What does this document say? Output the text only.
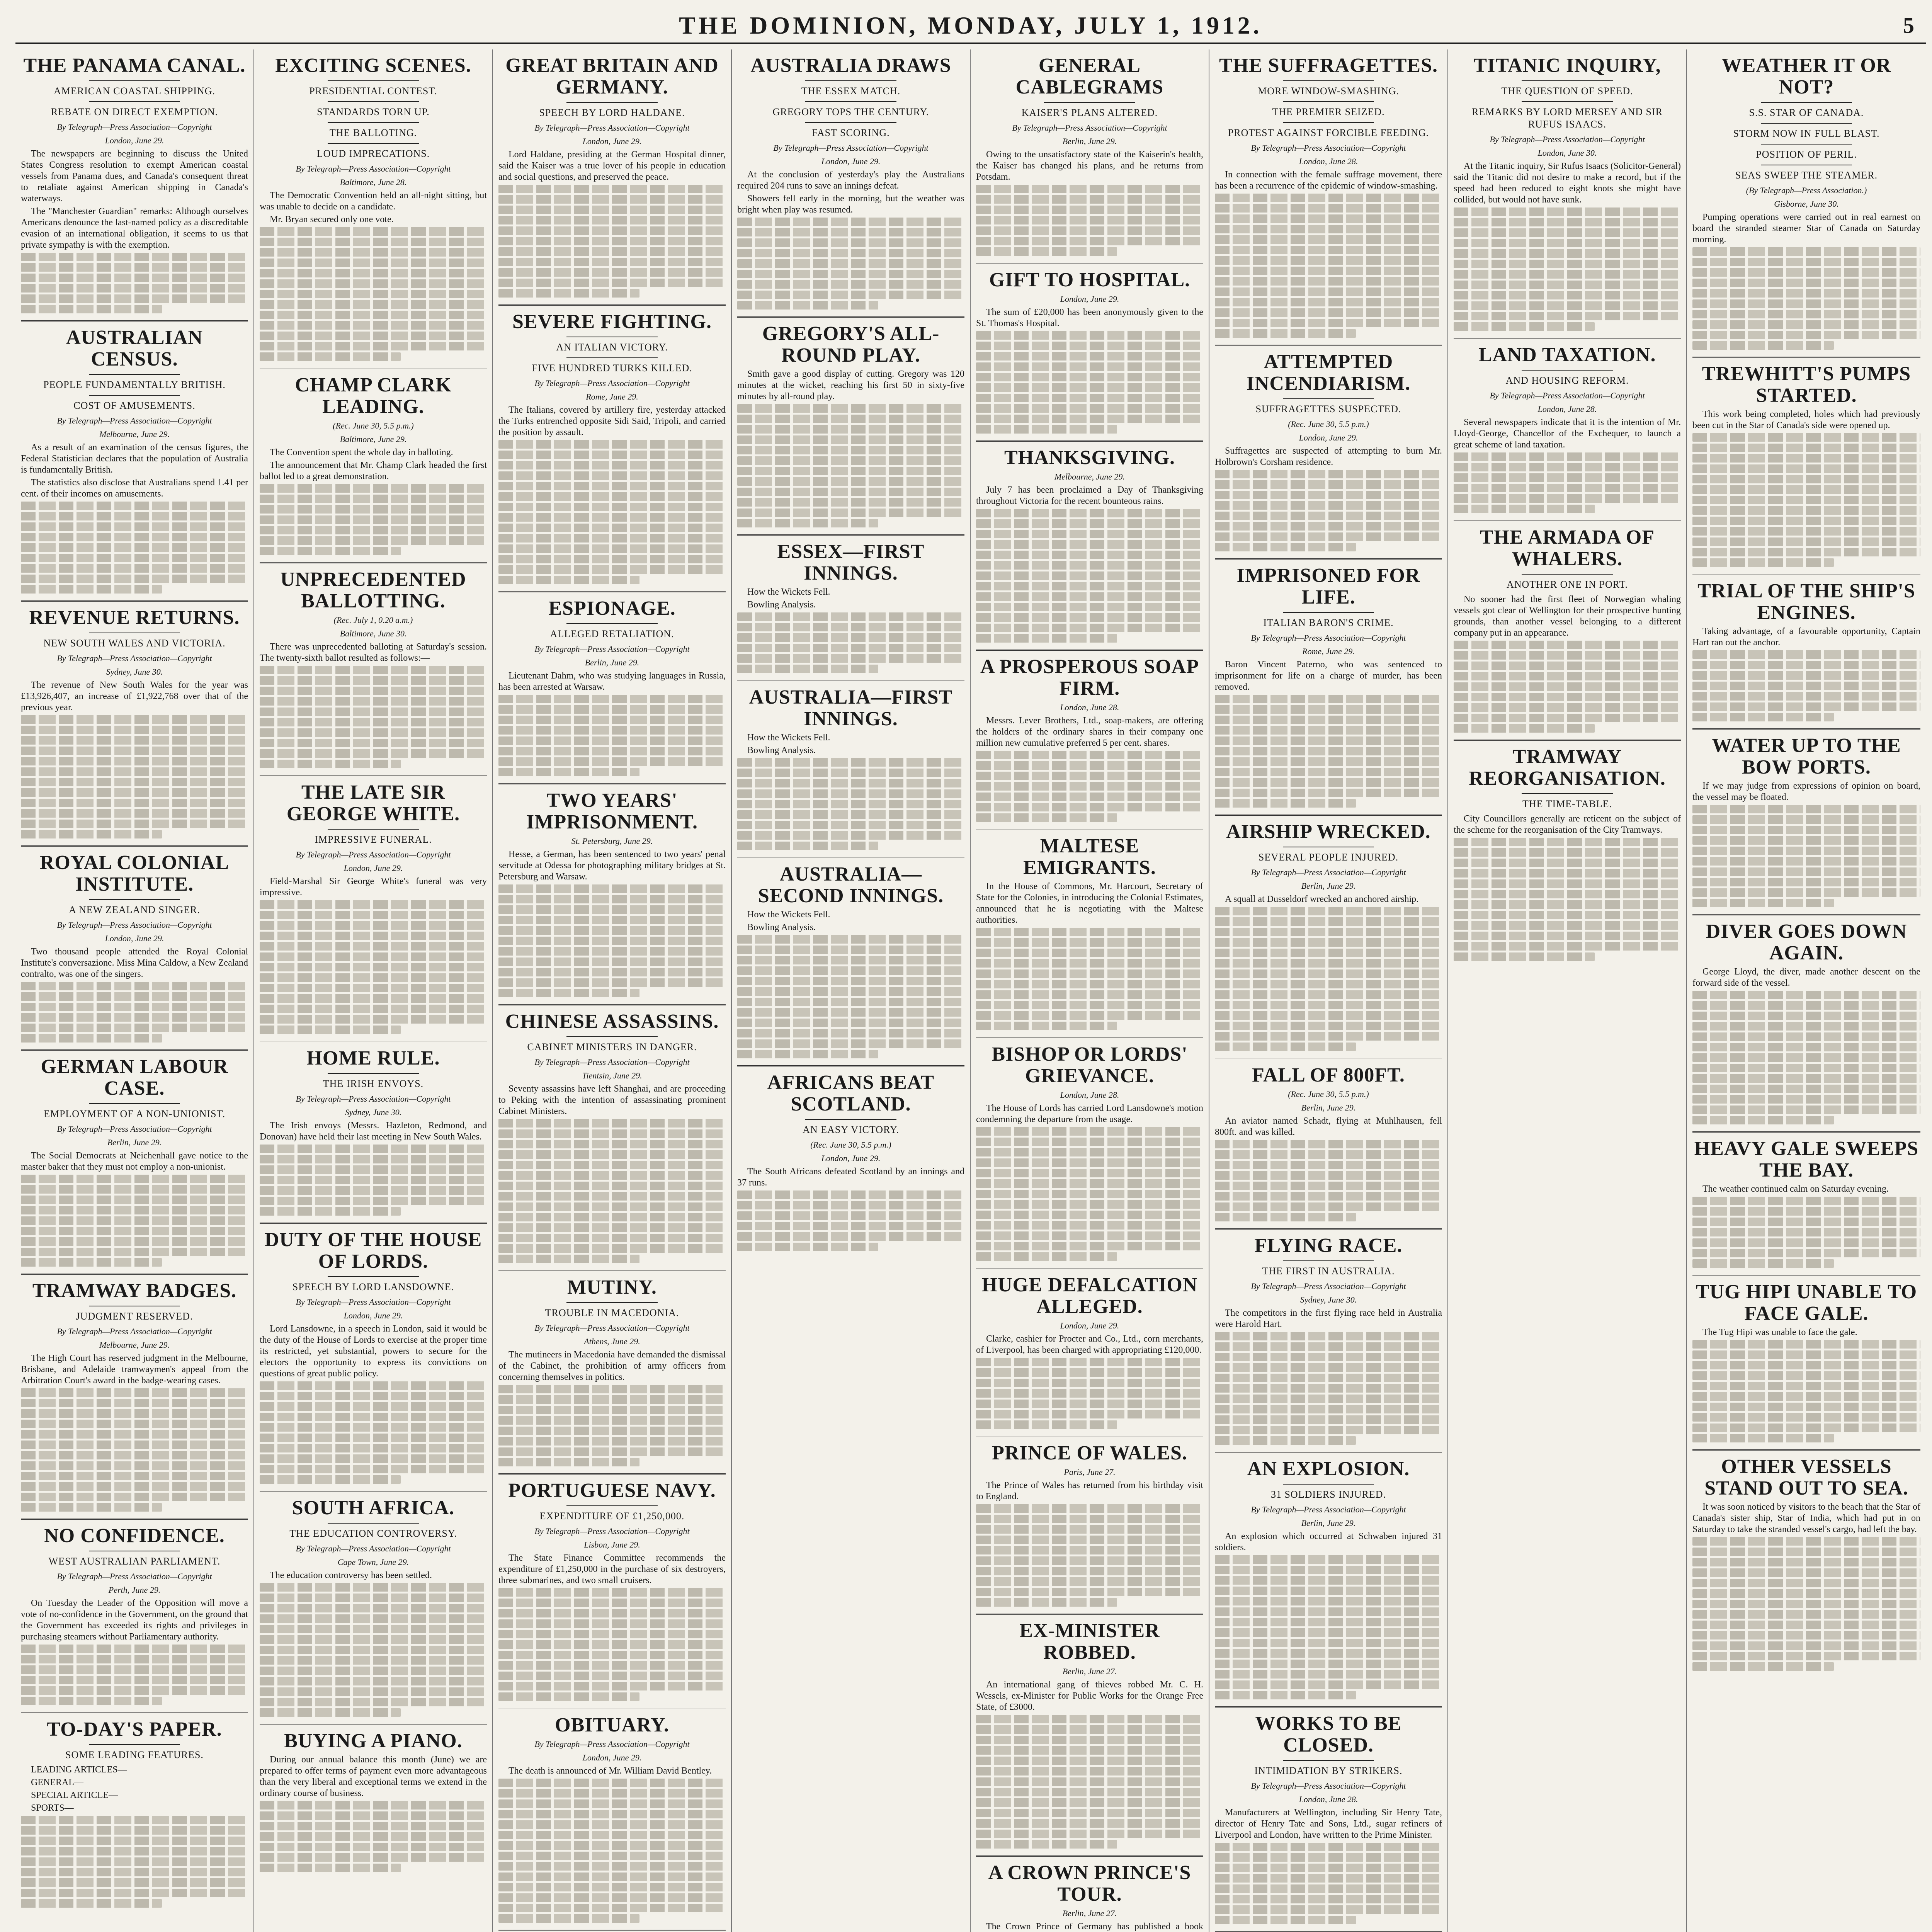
THE DOMINION, MONDAY, JULY 1, 1912.	5
THE PANAMA CANAL.
AMERICAN COASTAL SHIPPING.
REBATE ON DIRECT EXEMPTION.
By Telegraph—Press Association—Copyright
London, June 29.
The newspapers are beginning to discuss the United States Congress resolution to exempt American coastal vessels from Panama dues, and Canada's consequent threat to retaliate against American shipping in Canada's waterways.
The "Manchester Guardian" remarks: Although ourselves Americans denounce the last-named policy as a discreditable evasion of an international obligation, it seems to us that private sympathy is with the exemption.
AUSTRALIAN CENSUS.
PEOPLE FUNDAMENTALLY BRITISH.
COST OF AMUSEMENTS.
By Telegraph—Press Association—Copyright
Melbourne, June 29.
As a result of an examination of the census figures, the Federal Statistician declares that the population of Australia is fundamentally British.
The statistics also disclose that Australians spend 1.41 per cent. of their incomes on amusements.
REVENUE RETURNS.
NEW SOUTH WALES AND VICTORIA.
By Telegraph—Press Association—Copyright
Sydney, June 30.
The revenue of New South Wales for the year was £13,926,407, an increase of £1,922,768 over that of the previous year.
ROYAL COLONIAL INSTITUTE.
A NEW ZEALAND SINGER.
By Telegraph—Press Association—Copyright
London, June 29.
Two thousand people attended the Royal Colonial Institute's conversazione. Miss Mina Caldow, a New Zealand contralto, was one of the singers.
GERMAN LABOUR CASE.
EMPLOYMENT OF A NON-UNIONIST.
By Telegraph—Press Association—Copyright
Berlin, June 29.
The Social Democrats at Neichenhall gave notice to the master baker that they must not employ a non-unionist.
TRAMWAY BADGES.
JUDGMENT RESERVED.
By Telegraph—Press Association—Copyright
Melbourne, June 29.
The High Court has reserved judgment in the Melbourne, Brisbane, and Adelaide tramwaymen's appeal from the Arbitration Court's award in the badge-wearing cases.
NO CONFIDENCE.
WEST AUSTRALIAN PARLIAMENT.
By Telegraph—Press Association—Copyright
Perth, June 29.
On Tuesday the Leader of the Opposition will move a vote of no-confidence in the Government, on the ground that the Government has exceeded its rights and privileges in purchasing steamers without Parliamentary authority.
TO-DAY'S PAPER.
SOME LEADING FEATURES.
LEADING ARTICLES—
GENERAL—
SPECIAL ARTICLE—
SPORTS—
EXCITING SCENES.
PRESIDENTIAL CONTEST.
STANDARDS TORN UP.
THE BALLOTING.
LOUD IMPRECATIONS.
By Telegraph—Press Association—Copyright
Baltimore, June 28.
The Democratic Convention held an all-night sitting, but was unable to decide on a candidate.
Mr. Bryan secured only one vote.
CHAMP CLARK LEADING.
(Rec. June 30, 5.5 p.m.)
Baltimore, June 29.
The Convention spent the whole day in balloting.
The announcement that Mr. Champ Clark headed the first ballot led to a great demonstration.
UNPRECEDENTED BALLOTTING.
(Rec. July 1, 0.20 a.m.)
Baltimore, June 30.
There was unprecedented balloting at Saturday's session. The twenty-sixth ballot resulted as follows:—
THE LATE SIR GEORGE WHITE.
IMPRESSIVE FUNERAL.
By Telegraph—Press Association—Copyright
London, June 29.
Field-Marshal Sir George White's funeral was very impressive.
HOME RULE.
THE IRISH ENVOYS.
By Telegraph—Press Association—Copyright
Sydney, June 30.
The Irish envoys (Messrs. Hazleton, Redmond, and Donovan) have held their last meeting in New South Wales.
DUTY OF THE HOUSE OF LORDS.
SPEECH BY LORD LANSDOWNE.
By Telegraph—Press Association—Copyright
London, June 29.
Lord Lansdowne, in a speech in London, said it would be the duty of the House of Lords to exercise at the proper time its restricted, yet substantial, powers to secure for the electors the opportunity to express its convictions on questions of great public policy.
SOUTH AFRICA.
THE EDUCATION CONTROVERSY.
By Telegraph—Press Association—Copyright
Cape Town, June 29.
The education controversy has been settled.
BUYING A PIANO.
During our annual balance this month (June) we are prepared to offer terms of payment even more advantageous than the very liberal and exceptional terms we extend in the ordinary course of business.
GREAT BRITAIN AND GERMANY.
SPEECH BY LORD HALDANE.
By Telegraph—Press Association—Copyright
London, June 29.
Lord Haldane, presiding at the German Hospital dinner, said the Kaiser was a true lover of his people in education and social questions, and preserved the peace.
SEVERE FIGHTING.
AN ITALIAN VICTORY.
FIVE HUNDRED TURKS KILLED.
By Telegraph—Press Association—Copyright
Rome, June 29.
The Italians, covered by artillery fire, yesterday attacked the Turks entrenched opposite Sidi Said, Tripoli, and carried the position by assault.
ESPIONAGE.
ALLEGED RETALIATION.
By Telegraph—Press Association—Copyright
Berlin, June 29.
Lieutenant Dahm, who was studying languages in Russia, has been arrested at Warsaw.
TWO YEARS' IMPRISONMENT.
St. Petersburg, June 29.
Hesse, a German, has been sentenced to two years' penal servitude at Odessa for photographing military bridges at St. Petersburg and Warsaw.
CHINESE ASSASSINS.
CABINET MINISTERS IN DANGER.
By Telegraph—Press Association—Copyright
Tientsin, June 29.
Seventy assassins have left Shanghai, and are proceeding to Peking with the intention of assassinating prominent Cabinet Ministers.
MUTINY.
TROUBLE IN MACEDONIA.
By Telegraph—Press Association—Copyright
Athens, June 29.
The mutineers in Macedonia have demanded the dismissal of the Cabinet, the prohibition of army officers from concerning themselves in politics.
PORTUGUESE NAVY.
EXPENDITURE OF £1,250,000.
By Telegraph—Press Association—Copyright
Lisbon, June 29.
The State Finance Committee recommends the expenditure of £1,250,000 in the purchase of six destroyers, three submarines, and two small cruisers.
OBITUARY.
By Telegraph—Press Association—Copyright
London, June 29.
The death is announced of Mr. William David Bentley.
AUSTRALIA DRAWS
THE ESSEX MATCH.
GREGORY TOPS THE CENTURY.
FAST SCORING.
By Telegraph—Press Association—Copyright
London, June 29.
At the conclusion of yesterday's play the Australians required 204 runs to save an innings defeat.
Showers fell early in the morning, but the weather was bright when play was resumed.
GREGORY'S ALL-ROUND PLAY.
Smith gave a good display of cutting. Gregory was 120 minutes at the wicket, reaching his first 50 in sixty-five minutes by all-round play.
ESSEX—FIRST INNINGS.
How the Wickets Fell.
Bowling Analysis.
AUSTRALIA—FIRST INNINGS.
How the Wickets Fell.
Bowling Analysis.
AUSTRALIA—SECOND INNINGS.
How the Wickets Fell.
Bowling Analysis.
AFRICANS BEAT SCOTLAND.
AN EASY VICTORY.
(Rec. June 30, 5.5 p.m.)
London, June 29.
The South Africans defeated Scotland by an innings and 37 runs.
GENERAL CABLEGRAMS
KAISER'S PLANS ALTERED.
By Telegraph—Press Association—Copyright
Berlin, June 29.
Owing to the unsatisfactory state of the Kaiserin's health, the Kaiser has changed his plans, and he returns from Potsdam.
GIFT TO HOSPITAL.
London, June 29.
The sum of £20,000 has been anonymously given to the St. Thomas's Hospital.
THANKSGIVING.
Melbourne, June 29.
July 7 has been proclaimed a Day of Thanksgiving throughout Victoria for the recent bounteous rains.
A PROSPEROUS SOAP FIRM.
London, June 28.
Messrs. Lever Brothers, Ltd., soap-makers, are offering the holders of the ordinary shares in their company one million new cumulative preferred 5 per cent. shares.
MALTESE EMIGRANTS.
In the House of Commons, Mr. Harcourt, Secretary of State for the Colonies, in introducing the Colonial Estimates, announced that he is negotiating with the Maltese authorities.
BISHOP OR LORDS' GRIEVANCE.
London, June 28.
The House of Lords has carried Lord Lansdowne's motion condemning the departure from the usage.
HUGE DEFALCATION ALLEGED.
London, June 29.
Clarke, cashier for Procter and Co., Ltd., corn merchants, of Liverpool, has been charged with appropriating £120,000.
PRINCE OF WALES.
Paris, June 27.
The Prince of Wales has returned from his birthday visit to England.
EX-MINISTER ROBBED.
Berlin, June 27.
An international gang of thieves robbed Mr. C. H. Wessels, ex-Minister for Public Works for the Orange Free State, of £3000.
A CROWN PRINCE'S TOUR.
Berlin, June 27.
The Crown Prince of Germany has published a book
THE SUFFRAGETTES.
MORE WINDOW-SMASHING.
THE PREMIER SEIZED.
PROTEST AGAINST FORCIBLE FEEDING.
By Telegraph—Press Association—Copyright
London, June 28.
In connection with the female suffrage movement, there has been a recurrence of the epidemic of window-smashing.
ATTEMPTED INCENDIARISM.
SUFFRAGETTES SUSPECTED.
(Rec. June 30, 5.5 p.m.)
London, June 29.
Suffragettes are suspected of attempting to burn Mr. Holbrown's Corsham residence.
IMPRISONED FOR LIFE.
ITALIAN BARON'S CRIME.
By Telegraph—Press Association—Copyright
Rome, June 29.
Baron Vincent Paterno, who was sentenced to imprisonment for life on a charge of murder, has been removed.
AIRSHIP WRECKED.
SEVERAL PEOPLE INJURED.
By Telegraph—Press Association—Copyright
Berlin, June 29.
A squall at Dusseldorf wrecked an anchored airship.
FALL OF 800FT.
(Rec. June 30, 5.5 p.m.)
Berlin, June 29.
An aviator named Schadt, flying at Muhlhausen, fell 800ft. and was killed.
FLYING RACE.
THE FIRST IN AUSTRALIA.
By Telegraph—Press Association—Copyright
Sydney, June 30.
The competitors in the first flying race held in Australia were Harold Hart.
AN EXPLOSION.
31 SOLDIERS INJURED.
By Telegraph—Press Association—Copyright
Berlin, June 29.
An explosion which occurred at Schwaben injured 31 soldiers.
WORKS TO BE CLOSED.
INTIMIDATION BY STRIKERS.
By Telegraph—Press Association—Copyright
London, June 28.
Manufacturers at Wellington, including Sir Henry Tate, director of Henry Tate and Sons, Ltd., sugar refiners of Liverpool and London, have written to the Prime Minister.
TITANIC INQUIRY,
THE QUESTION OF SPEED.
REMARKS BY LORD MERSEY AND SIR RUFUS ISAACS.
By Telegraph—Press Association—Copyright
London, June 30.
At the Titanic inquiry, Sir Rufus Isaacs (Solicitor-General) said the Titanic did not desire to make a record, but if the speed had been reduced to eight knots she might have collided, but would not have sunk.
LAND TAXATION.
AND HOUSING REFORM.
By Telegraph—Press Association—Copyright
London, June 28.
Several newspapers indicate that it is the intention of Mr. Lloyd-George, Chancellor of the Exchequer, to launch a great scheme of land taxation.
THE ARMADA OF WHALERS.
ANOTHER ONE IN PORT.
No sooner had the first fleet of Norwegian whaling vessels got clear of Wellington for their prospective hunting grounds, than another vessel belonging to a different company put in an appearance.
TRAMWAY REORGANISATION.
THE TIME-TABLE.
City Councillors generally are reticent on the subject of the scheme for the reorganisation of the City Tramways.
WEATHER IT OR NOT?
S.S. STAR OF CANADA.
STORM NOW IN FULL BLAST.
POSITION OF PERIL.
SEAS SWEEP THE STEAMER.
(By Telegraph—Press Association.)
Gisborne, June 30.
Pumping operations were carried out in real earnest on board the stranded steamer Star of Canada on Saturday morning.
TREWHITT'S PUMPS STARTED.
This work being completed, holes which had previously been cut in the Star of Canada's side were opened up.
TRIAL OF THE SHIP'S ENGINES.
Taking advantage, of a favourable opportunity, Captain Hart ran out the anchor.
WATER UP TO THE BOW PORTS.
If we may judge from expressions of opinion on board, the vessel may be floated.
DIVER GOES DOWN AGAIN.
George Lloyd, the diver, made another descent on the forward side of the vessel.
HEAVY GALE SWEEPS THE BAY.
The weather continued calm on Saturday evening.
TUG HIPI UNABLE TO FACE GALE.
The Tug Hipi was unable to face the gale.
OTHER VESSELS STAND OUT TO SEA.
It was soon noticed by visitors to the beach that the Star of Canada's sister ship, Star of India, which had put in on Saturday to take the stranded vessel's cargo, had left the bay.
